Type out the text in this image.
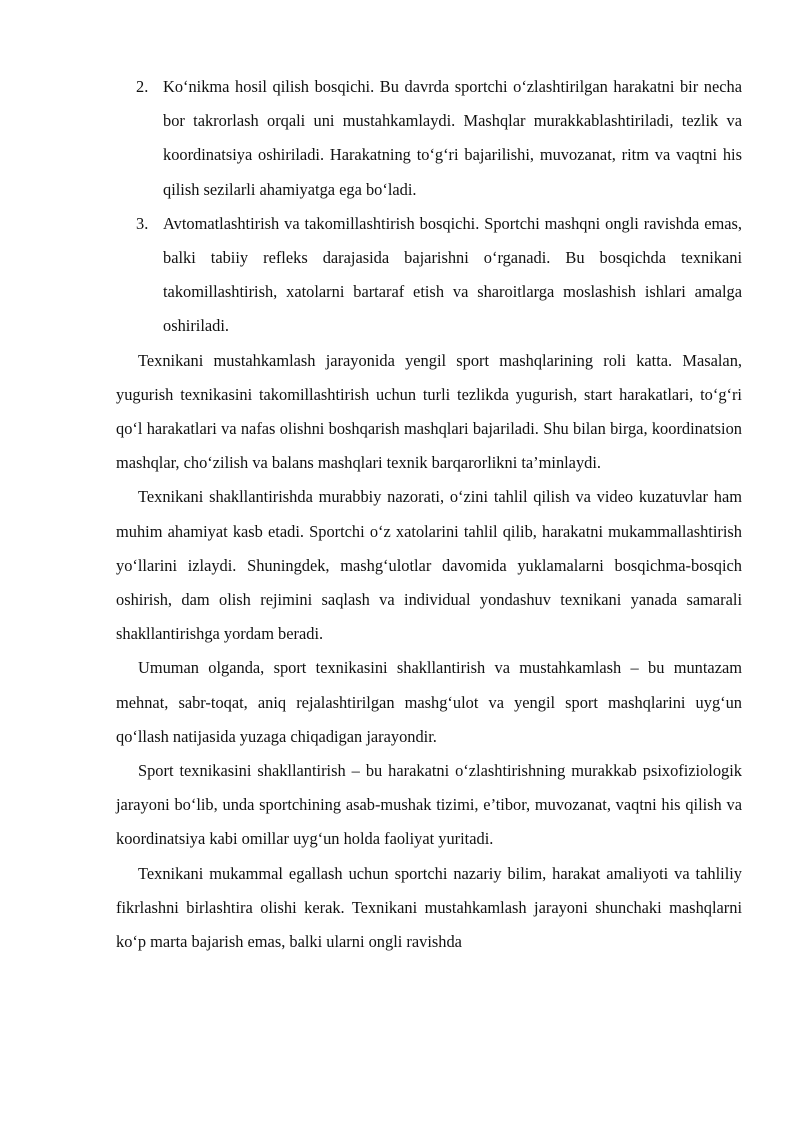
2. Ko‘nikma hosil qilish bosqichi. Bu davrda sportchi o‘zlashtirilgan harakatni bir necha bor takrorlash orqali uni mustahkamlaydi. Mashqlar murakkablashtiriladi, tezlik va koordinatsiya oshiriladi. Harakatning to‘g‘ri bajarilishi, muvozanat, ritm va vaqtni his qilish sezilarli ahamiyatga ega bo‘ladi.
3. Avtomatlashtirish va takomillashtirish bosqichi. Sportchi mashqni ongli ravishda emas, balki tabiiy refleks darajasida bajarishni o‘rganadi. Bu bosqichda texnikani takomillashtirish, xatolarni bartaraf etish va sharoitlarga moslashish ishlari amalga oshiriladi.

Texnikani mustahkamlash jarayonida yengil sport mashqlarining roli katta. Masalan, yugurish texnikasini takomillashtirish uchun turli tezlikda yugurish, start harakatlari, to‘g‘ri qo‘l harakatlari va nafas olishni boshqarish mashqlari bajariladi. Shu bilan birga, koordinatsion mashqlar, cho‘zilish va balans mashqlari texnik barqarorlikni ta’minlaydi.

Texnikani shakllantirishda murabbiy nazorati, o‘zini tahlil qilish va video kuzatuvlar ham muhim ahamiyat kasb etadi. Sportchi o‘z xatolarini tahlil qilib, harakatni mukammallashtirish yo‘llarini izlaydi. Shuningdek, mashg‘ulotlar davomida yuklamalarni bosqichma-bosqich oshirish, dam olish rejimini saqlash va individual yondashuv texnikani yanada samarali shakllantirishga yordam beradi.

Umuman olganda, sport texnikasini shakllantirish va mustahkamlash – bu muntazam mehnat, sabr-toqat, aniq rejalashtirilgan mashg‘ulot va yengil sport mashqlarini uyg‘un qo‘llash natijasida yuzaga chiqadigan jarayondir.

Sport texnikasini shakllantirish – bu harakatni o‘zlashtirishning murakkab psixofiziologik jarayoni bo‘lib, unda sportchining asab-mushak tizimi, e’tibor, muvozanat, vaqtni his qilish va koordinatsiya kabi omillar uyg‘un holda faoliyat yuritadi.

Texnikani mukammal egallash uchun sportchi nazariy bilim, harakat amaliyoti va tahliliy fikrlashni birlashtira olishi kerak. Texnikani mustahkamlash jarayoni shunchaki mashqlarni ko‘p marta bajarish emas, balki ularni ongli ravishda
